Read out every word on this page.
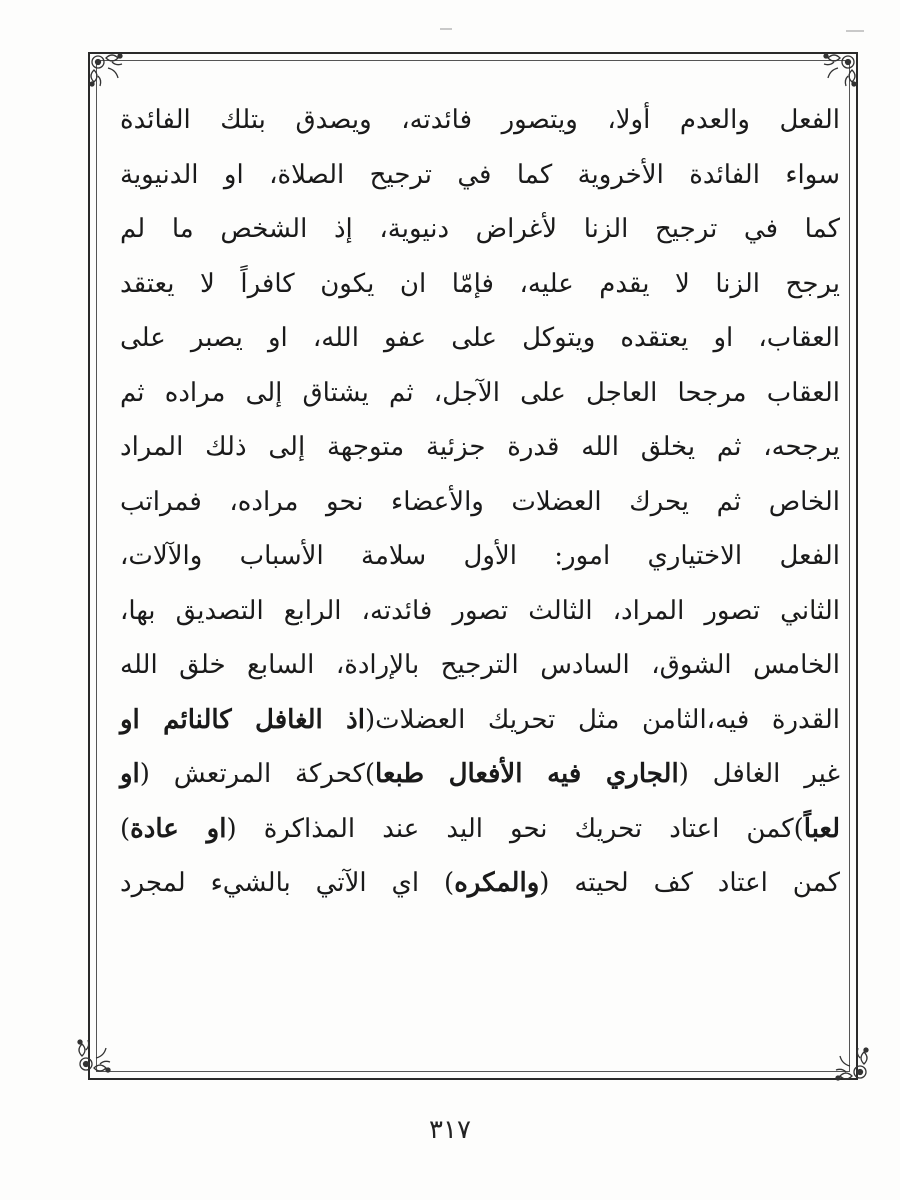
الفعل والعدم أولا، ويتصور فائدته، ويصدق بتلك الفائدة
سواء الفائدة الأخروية كما في ترجيح الصلاة، او الدنيوية
كما في ترجيح الزنا لأغراض دنيوية، إذ الشخص ما لم
يرجح الزنا لا يقدم عليه، فإمّا ان يكون كافراً لا يعتقد
العقاب، او يعتقده ويتوكل على عفو الله، او يصبر على
العقاب مرجحا العاجل على الآجل، ثم يشتاق إلى مراده ثم
يرجحه، ثم يخلق الله قدرة جزئية متوجهة إلى ذلك المراد
الخاص ثم يحرك العضلات والأعضاء نحو مراده، فمراتب
الفعل الاختياري امور: الأول سلامة الأسباب والآلات،
الثاني تصور المراد، الثالث تصور فائدته، الرابع التصديق بها،
الخامس الشوق، السادس الترجيح بالإرادة، السابع خلق الله
القدرة فيه،الثامن مثل تحريك العضلات(اذ الغافل كالنائم او
غير الغافل (الجاري فيه الأفعال طبعا)كحركة المرتعش (او
لعباً)كمن اعتاد تحريك نحو اليد عند المذاكرة (او عادة)
كمن اعتاد كف لحيته (والمكره) اي الآتي بالشيء لمجرد
٣١٧
